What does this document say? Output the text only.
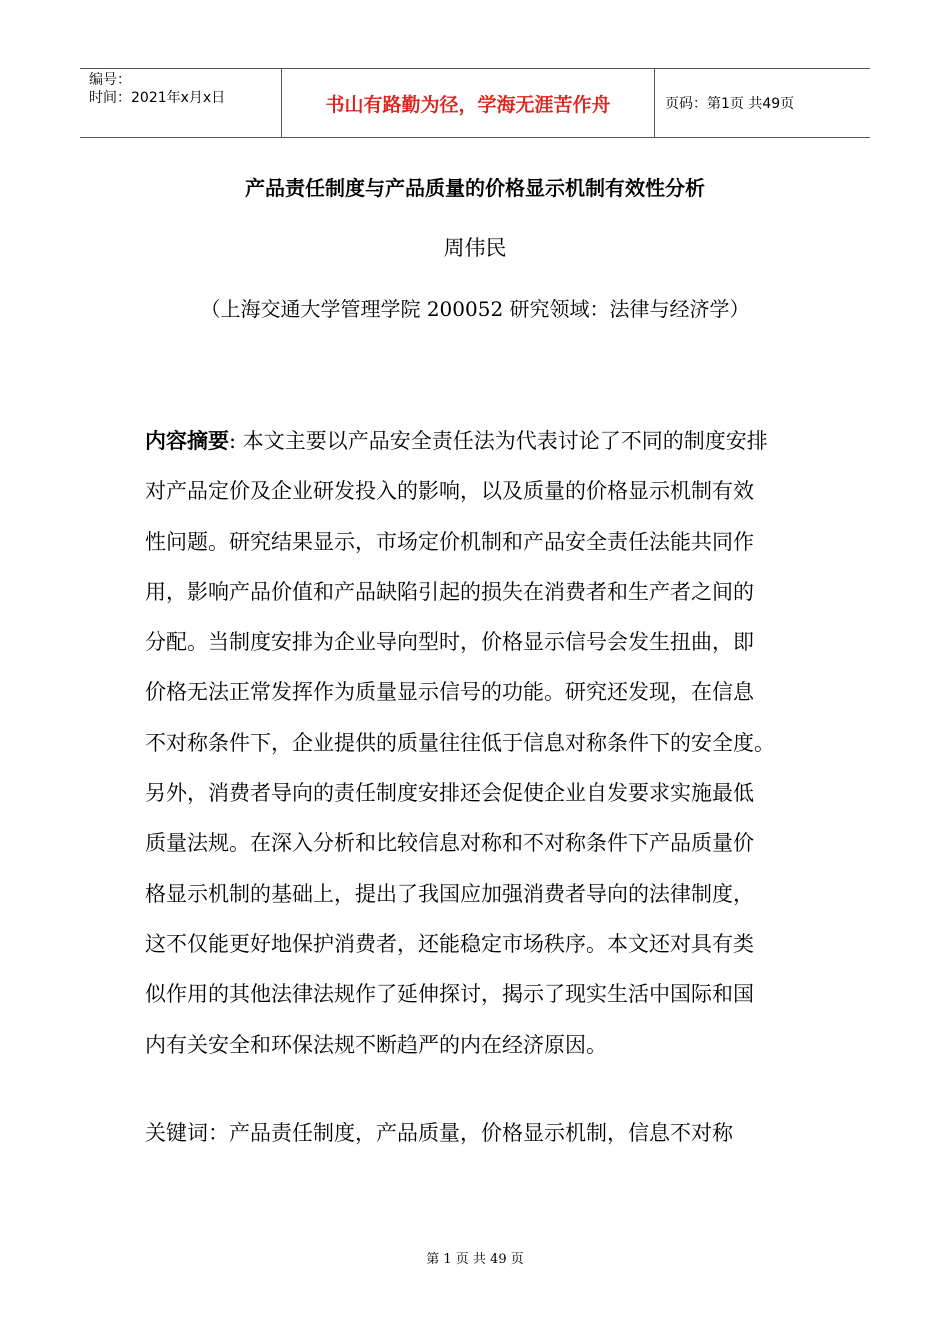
编号：
时间：2021年x月x日	书山有路勤为径，学海无涯苦作舟	页码：第1页 共49页
产品责任制度与产品质量的价格显示机制有效性分析
周伟民
（上海交通大学管理学院 200052 研究领域：法律与经济学）
内容摘要: 本文主要以产品安全责任法为代表讨论了不同的制度安排
对产品定价及企业研发投入的影响，以及质量的价格显示机制有效
性问题。研究结果显示，市场定价机制和产品安全责任法能共同作
用，影响产品价值和产品缺陷引起的损失在消费者和生产者之间的
分配。当制度安排为企业导向型时，价格显示信号会发生扭曲，即
价格无法正常发挥作为质量显示信号的功能。研究还发现，在信息
不对称条件下，企业提供的质量往往低于信息对称条件下的安全度。
另外，消费者导向的责任制度安排还会促使企业自发要求实施最低
质量法规。在深入分析和比较信息对称和不对称条件下产品质量价
格显示机制的基础上，提出了我国应加强消费者导向的法律制度，
这不仅能更好地保护消费者，还能稳定市场秩序。本文还对具有类
似作用的其他法律法规作了延伸探讨，揭示了现实生活中国际和国
内有关安全和环保法规不断趋严的内在经济原因。
关键词：产品责任制度，产品质量，价格显示机制，信息不对称
第 1 页 共 49 页
